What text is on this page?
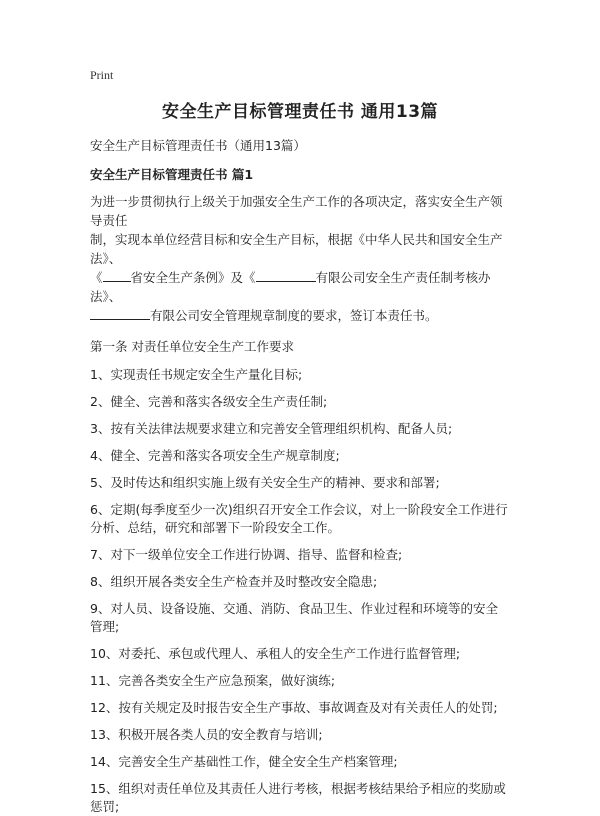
Print
安全生产目标管理责任书 通用13篇
安全生产目标管理责任书（通用13篇）
安全生产目标管理责任书 篇1
为进一步贯彻执行上级关于加强安全生产工作的各项决定，落实安全生产领导责任
制，实现本单位经营目标和安全生产目标，根据《中华人民共和国安全生产法》、
《 省安全生产条例》及《	有限公司安全生产责任制考核办法》、
有限公司安全管理规章制度的要求，签订本责任书。
第一条 对责任单位安全生产工作要求
1、实现责任书规定安全生产量化目标;
2、健全、完善和落实各级安全生产责任制;
3、按有关法律法规要求建立和完善安全管理组织机构、配备人员;
4、健全、完善和落实各项安全生产规章制度;
5、及时传达和组织实施上级有关安全生产的精神、要求和部署;
6、定期(每季度至少一次)组织召开安全工作会议，对上一阶段安全工作进行分析、总结，研究和部署下一阶段安全工作。
7、对下一级单位安全工作进行协调、指导、监督和检查;
8、组织开展各类安全生产检查并及时整改安全隐患;
9、对人员、设备设施、交通、消防、食品卫生、作业过程和环境等的安全管理;
10、对委托、承包或代理人、承租人的安全生产工作进行监督管理;
11、完善各类安全生产应急预案，做好演练;
12、按有关规定及时报告安全生产事故、事故调查及对有关责任人的处罚;
13、积极开展各类人员的安全教育与培训;
14、完善安全生产基础性工作，健全安全生产档案管理;
15、组织对责任单位及其责任人进行考核，根据考核结果给予相应的奖励或惩罚;
